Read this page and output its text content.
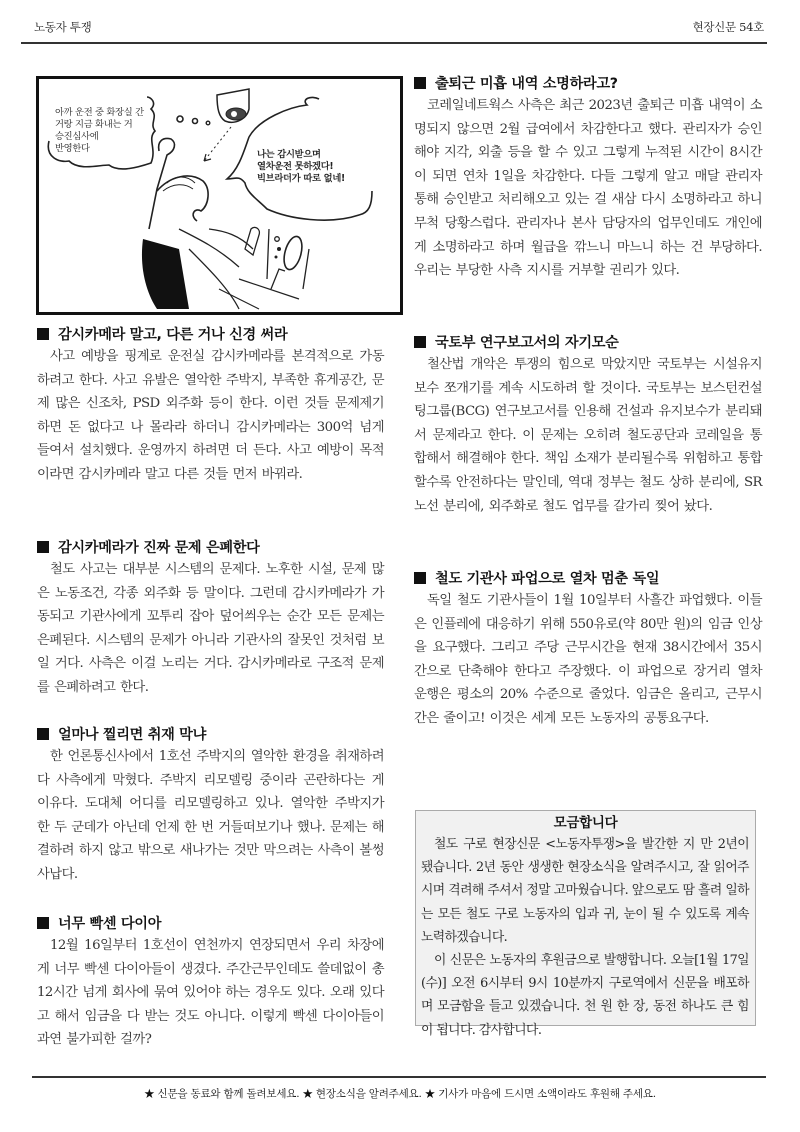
노동자 투쟁	현장신문 54호
아까 운전 중 화장실 간
거랑 지금 화내는 거
승진심사에
반영한다
나는 감시받으며
열차운전 못하겠다!
빅브라더가 따로 없네!
감시카메라 말고, 다른 거나 신경 써라

사고 예방을 핑계로 운전실 감시카메라를 본격적으로 가동하려고 한다. 사고 유발은 열악한 주박지, 부족한 휴게공간, 문제 많은 신조차, PSD 외주화 등이 한다. 이런 것들 문제제기 하면 돈 없다고 나 몰라라 하더니 감시카메라는 300억 넘게 들여서 설치했다. 운영까지 하려면 더 든다. 사고 예방이 목적이라면 감시카메라 말고 다른 것들 먼저 바꿔라.

감시카메라가 진짜 문제 은폐한다

철도 사고는 대부분 시스템의 문제다. 노후한 시설, 문제 많은 노동조건, 각종 외주화 등 말이다. 그런데 감시카메라가 가동되고 기관사에게 꼬투리 잡아 덮어씌우는 순간 모든 문제는 은폐된다. 시스템의 문제가 아니라 기관사의 잘못인 것처럼 보일 거다. 사측은 이걸 노리는 거다. 감시카메라로 구조적 문제를 은폐하려고 한다.

얼마나 찔리면 취재 막냐

한 언론통신사에서 1호선 주박지의 열악한 환경을 취재하려다 사측에게 막혔다. 주박지 리모델링 중이라 곤란하다는 게 이유다. 도대체 어디를 리모델링하고 있나. 열악한 주박지가 한 두 군데가 아닌데 언제 한 번 거들떠보기나 했나. 문제는 해결하려 하지 않고 밖으로 새나가는 것만 막으려는 사측이 볼썽사납다.

너무 빡센 다이아

12월 16일부터 1호선이 연천까지 연장되면서 우리 차장에게 너무 빡센 다이아들이 생겼다. 주간근무인데도 쓸데없이 총 12시간 넘게 회사에 묶여 있어야 하는 경우도 있다. 오래 있다고 해서 임금을 다 받는 것도 아니다. 이렇게 빡센 다이아들이 과연 불가피한 걸까?

출퇴근 미흡 내역 소명하라고?

코레일네트웍스 사측은 최근 2023년 출퇴근 미흡 내역이 소명되지 않으면 2월 급여에서 차감한다고 했다. 관리자가 승인해야 지각, 외출 등을 할 수 있고 그렇게 누적된 시간이 8시간이 되면 연차 1일을 차감한다. 다들 그렇게 알고 매달 관리자 통해 승인받고 처리해오고 있는 걸 새삼 다시 소명하라고 하니 무척 당황스럽다. 관리자나 본사 담당자의 업무인데도 개인에게 소명하라고 하며 월급을 깎느니 마느니 하는 건 부당하다. 우리는 부당한 사측 지시를 거부할 권리가 있다.

국토부 연구보고서의 자기모순

철산법 개악은 투쟁의 힘으로 막았지만 국토부는 시설유지보수 쪼개기를 계속 시도하려 할 것이다. 국토부는 보스턴컨설팅그룹(BCG) 연구보고서를 인용해 건설과 유지보수가 분리돼서 문제라고 한다. 이 문제는 오히려 철도공단과 코레일을 통합해서 해결해야 한다. 책임 소재가 분리될수록 위험하고 통합할수록 안전하다는 말인데, 역대 정부는 철도 상하 분리에, SR 노선 분리에, 외주화로 철도 업무를 갈가리 찢어 놨다.

철도 기관사 파업으로 열차 멈춘 독일

독일 철도 기관사들이 1월 10일부터 사흘간 파업했다. 이들은 인플레에 대응하기 위해 550유로(약 80만 원)의 임금 인상을 요구했다. 그리고 주당 근무시간을 현재 38시간에서 35시간으로 단축해야 한다고 주장했다. 이 파업으로 장거리 열차 운행은 평소의 20% 수준으로 줄었다. 임금은 올리고, 근무시간은 줄이고! 이것은 세계 모든 노동자의 공통요구다.

모금합니다

철도 구로 현장신문 <노동자투쟁>을 발간한 지 만 2년이 됐습니다. 2년 동안 생생한 현장소식을 알려주시고, 잘 읽어주시며 격려해 주셔서 정말 고마웠습니다. 앞으로도 땀 흘려 일하는 모든 철도 구로 노동자의 입과 귀, 눈이 될 수 있도록 계속 노력하겠습니다.

이 신문은 노동자의 후원금으로 발행합니다. 오늘[1월 17일(수)] 오전 6시부터 9시 10분까지 구로역에서 신문을 배포하며 모금함을 들고 있겠습니다. 천 원 한 장, 동전 하나도 큰 힘이 됩니다. 감사합니다.

★ 신문을 동료와 함께 돌려보세요. ★ 현장소식을 알려주세요. ★ 기사가 마음에 드시면 소액이라도 후원해 주세요.
